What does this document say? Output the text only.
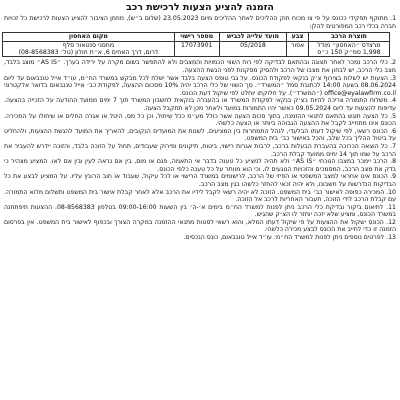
הזמנה להציע הצעות לרכישת רכב

1. מתוקף תפקידי ככונס על פי צו מכוח חוק ההליכים לאחר ההליכים מיום 23.05.2023 (שלום ב״ש), מוזמן הציבור להציע הצעות לרכישת כל זכויות חברה בכלי רכב המפורטים להלן:

תוצרת הרכב	צבע	מועד עלייה לכביש	מספר רישוי	מקום האחסון

מרצדס ״האחסון״ מודל
1,998 סמ״ק 150 כ״ס	אפור	05/2018	17073901	מחסני סנטאור סלף
דרום, דרך האחים 6, א״ת חולון (טל׳ 08-8568383)

2. כלי הרכב נמכר לאחר תצוגה ובהתאם לבדיקה לפי רוח השווי הכמויות והמצבים ולא להתפשר בשום מקרה על ירידה בערך. ״AS IS״ מוצג בלבד, מצב כלי הרכב, יש לבחון את מצבו של הרכב ולהסיק מסקנות לפני הגשת ההצעה.

3. הצעות יש לשלוח בצירוף צ׳ק בנקאי לפקודת הכונס. על גבי טופס הצעה בלבד אשר ישלח לכל מבקש במשרד הח״מ, עו״ד אייל טננבאום עד ליום 08.06.2024 בשעה 14:00 לכתובת סמל ״המשרד״. סך השווי של כלי הרכב יהיה 10% מסכום ההצעה, לפקודת כב׳ אייל טננבאום בדואר אלקטרוני office@eyalawfirm.co.il (״המשרד״). על חלוקתו יוחלט לפי שיקול דעת הכונס.

4. משלוח התמורה צריכה להיות בצ׳ק בנקאי לפקודת המשרד או בהעברה בנקאית לחשבון המשרד תוך 7 ימים ממועד ההודעה על הזכייה בהצעה. עדיפות להצעות עד ליום 09.05.2024 כאשר יהיו התמורות במועד ולאחר מכן לא תתקבל הצעה.

5. כל הצעה תוגש בהתאם לתנאי ההזמנה, בתוך סכום הצעה אשר כולל מע״מ ככל שיחול, וכן כל מס, היטל או אגרה החלים או שיחולו על המכירה. הכונס אינו מתחייב לקבל את ההצעה הגבוהה ביותר או הצעה כלשהי.

6. הכונס רשאי, לפי שיקול דעתו הבלעדי, לנהל התמחרות בין המציעים, לשנות את המועדים הנקובים, להאריך את המועד להגשת ההצעות, ולהחליט על ביטול ההליך בכל שלב, והכל באישור כב׳ בית המשפט.

7. כל הוצאה הכרוכה בהעברת הבעלות ברכב, לרבות אגרות רישוי, ביטוח, תיקונים ופירוק שעבודים, תחול על הזוכה בלבד, והזוכה יידרש להעביר את הרכב על שמו תוך 14 ימים ממועד קבלת הרכב.

8. הרכב יימכר במצבו הנוכחי ״AS IS״ ולא תהיה למציע כל טענה בדבר אי התאמה, פגם או מום, בין אם נראה לעין ובין אם לאו. המציע מצהיר כי בדק את מצב הרכב, המסמכים והזכויות הנוגעים לו, וכי הוא מוותר על כל טענה כלפי הכונס.

9. הכונס אינו אחראי למצב המשפטי או הפיזי של הרכב, לרישומים במשרד הרישוי או לכל עיקול, שעבוד או חוב הרובץ עליו. על המציע לבצע את כל הבדיקות הנדרשות על חשבונו, ולא יהיה זכאי להחזר כלשהו בגין מצב הרכב.

10. המכירה כפופה לאישור כב׳ בית המשפט. הזוכה לא יהיה רשאי לקבל לידיו את הרכב אלא לאחר קבלת אישור בית המשפט ותשלום מלוא התמורה. עם קבלת הרכב לידי הזוכה, תעבור האחריות לרכב אל הזוכה.

11. לתיאום ביקור ובדיקת כלי הרכב ניתן לפנות למשרד הח״מ בימים א׳-ה׳ בין השעות 09:00-16:00 בטלפון 08-8568383. ההצעות תיפתחנה במשרד הכונס, ומציע שלא יזכה יוחזר לו הצ׳ק שהגיש.

12. הכונס ישקול את ההצעות על פי שיקול דעתו המלא, והוא רשאי לסטות מתנאי ההזמנה במקרה הצורך ובכפוף לאישור בית המשפט. אין בפרסום הזמנה זו כדי לחייב את הכונס לבצע מכירה כלשהי.

13. לפרטים נוספים ניתן לפנות למשרד הח״מ: עו״ד אייל טננבאום, כונס הנכסים.
